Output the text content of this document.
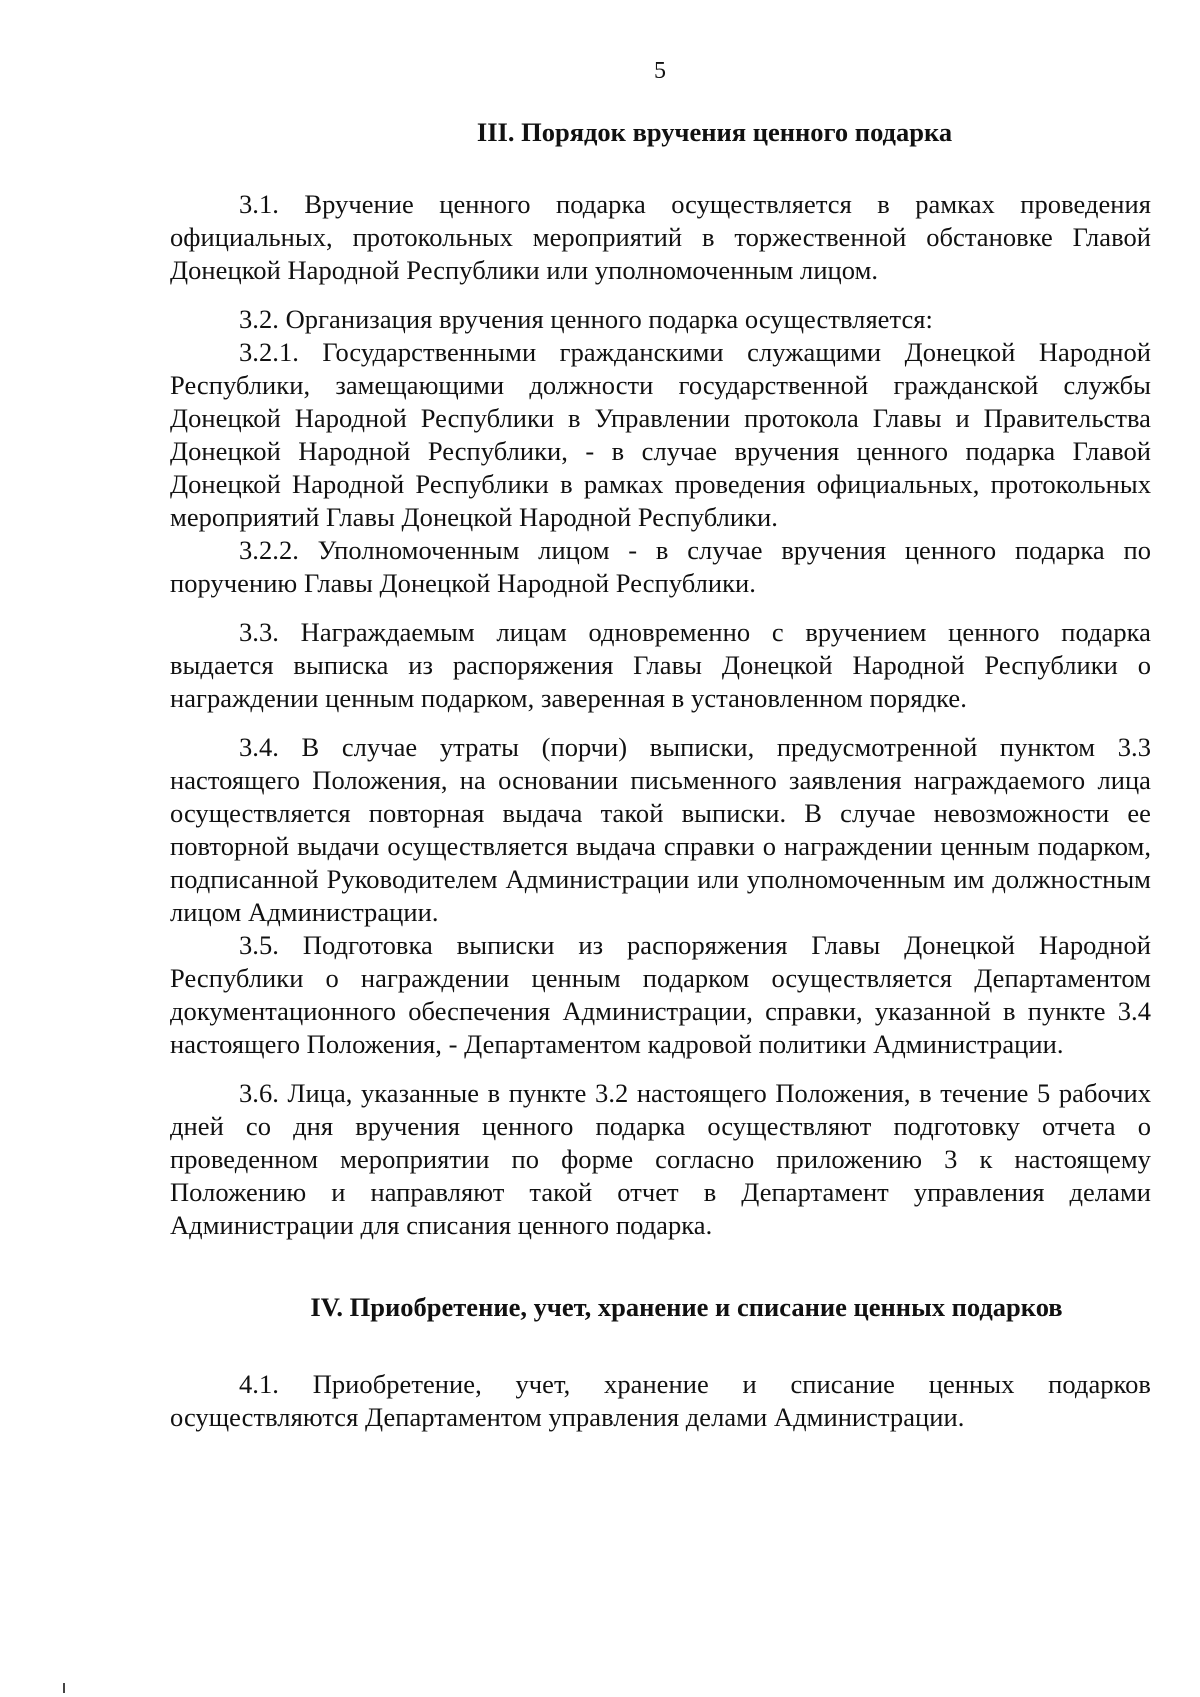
5
III. Порядок вручения ценного подарка

3.1. Вручение ценного подарка осуществляется в рамках проведения официальных, протокольных мероприятий в торжественной обстановке Главой Донецкой Народной Республики или уполномоченным лицом.

3.2. Организация вручения ценного подарка осуществляется:

3.2.1. Государственными гражданскими служащими Донецкой Народной Республики, замещающими должности государственной гражданской службы Донецкой Народной Республики в Управлении протокола Главы и Правительства Донецкой Народной Республики, - в случае вручения ценного подарка Главой Донецкой Народной Республики в рамках проведения официальных, протокольных мероприятий Главы Донецкой Народной Республики.

3.2.2. Уполномоченным лицом - в случае вручения ценного подарка по поручению Главы Донецкой Народной Республики.

3.3. Награждаемым лицам одновременно с вручением ценного подарка выдается выписка из распоряжения Главы Донецкой Народной Республики о награждении ценным подарком, заверенная в установленном порядке.

3.4. В случае утраты (порчи) выписки, предусмотренной пунктом 3.3 настоящего Положения, на основании письменного заявления награждаемого лица осуществляется повторная выдача такой выписки. В случае невозможности ее повторной выдачи осуществляется выдача справки о награждении ценным подарком, подписанной Руководителем Администрации или уполномоченным им должностным лицом Администрации.

3.5. Подготовка выписки из распоряжения Главы Донецкой Народной Республики о награждении ценным подарком осуществляется Департаментом документационного обеспечения Администрации, справки, указанной в пункте 3.4 настоящего Положения, - Департаментом кадровой политики Администрации.

3.6. Лица, указанные в пункте 3.2 настоящего Положения, в течение 5 рабочих дней со дня вручения ценного подарка осуществляют подготовку отчета о проведенном мероприятии по форме согласно приложению 3 к настоящему Положению и направляют такой отчет в Департамент управления делами Администрации для списания ценного подарка.

IV. Приобретение, учет, хранение и списание ценных подарков

4.1. Приобретение, учет, хранение и списание ценных подарков осуществляются Департаментом управления делами Администрации.
